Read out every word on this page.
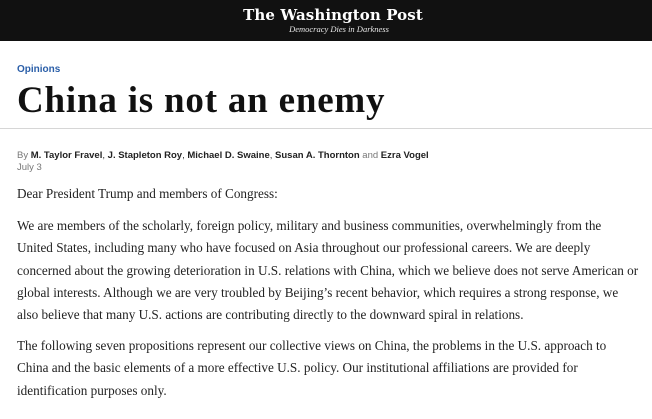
The Washington Post
Democracy Dies in Darkness
Opinions
China is not an enemy
By M. Taylor Fravel, J. Stapleton Roy, Michael D. Swaine, Susan A. Thornton and Ezra Vogel
July 3

Dear President Trump and members of Congress:

We are members of the scholarly, foreign policy, military and business communities, overwhelmingly from the United States, including many who have focused on Asia throughout our professional careers. We are deeply concerned about the growing deterioration in U.S. relations with China, which we believe does not serve American or global interests. Although we are very troubled by Beijing’s recent behavior, which requires a strong response, we also believe that many U.S. actions are contributing directly to the downward spiral in relations.

The following seven propositions represent our collective views on China, the problems in the U.S. approach to China and the basic elements of a more effective U.S. policy. Our institutional affiliations are provided for identification purposes only.
